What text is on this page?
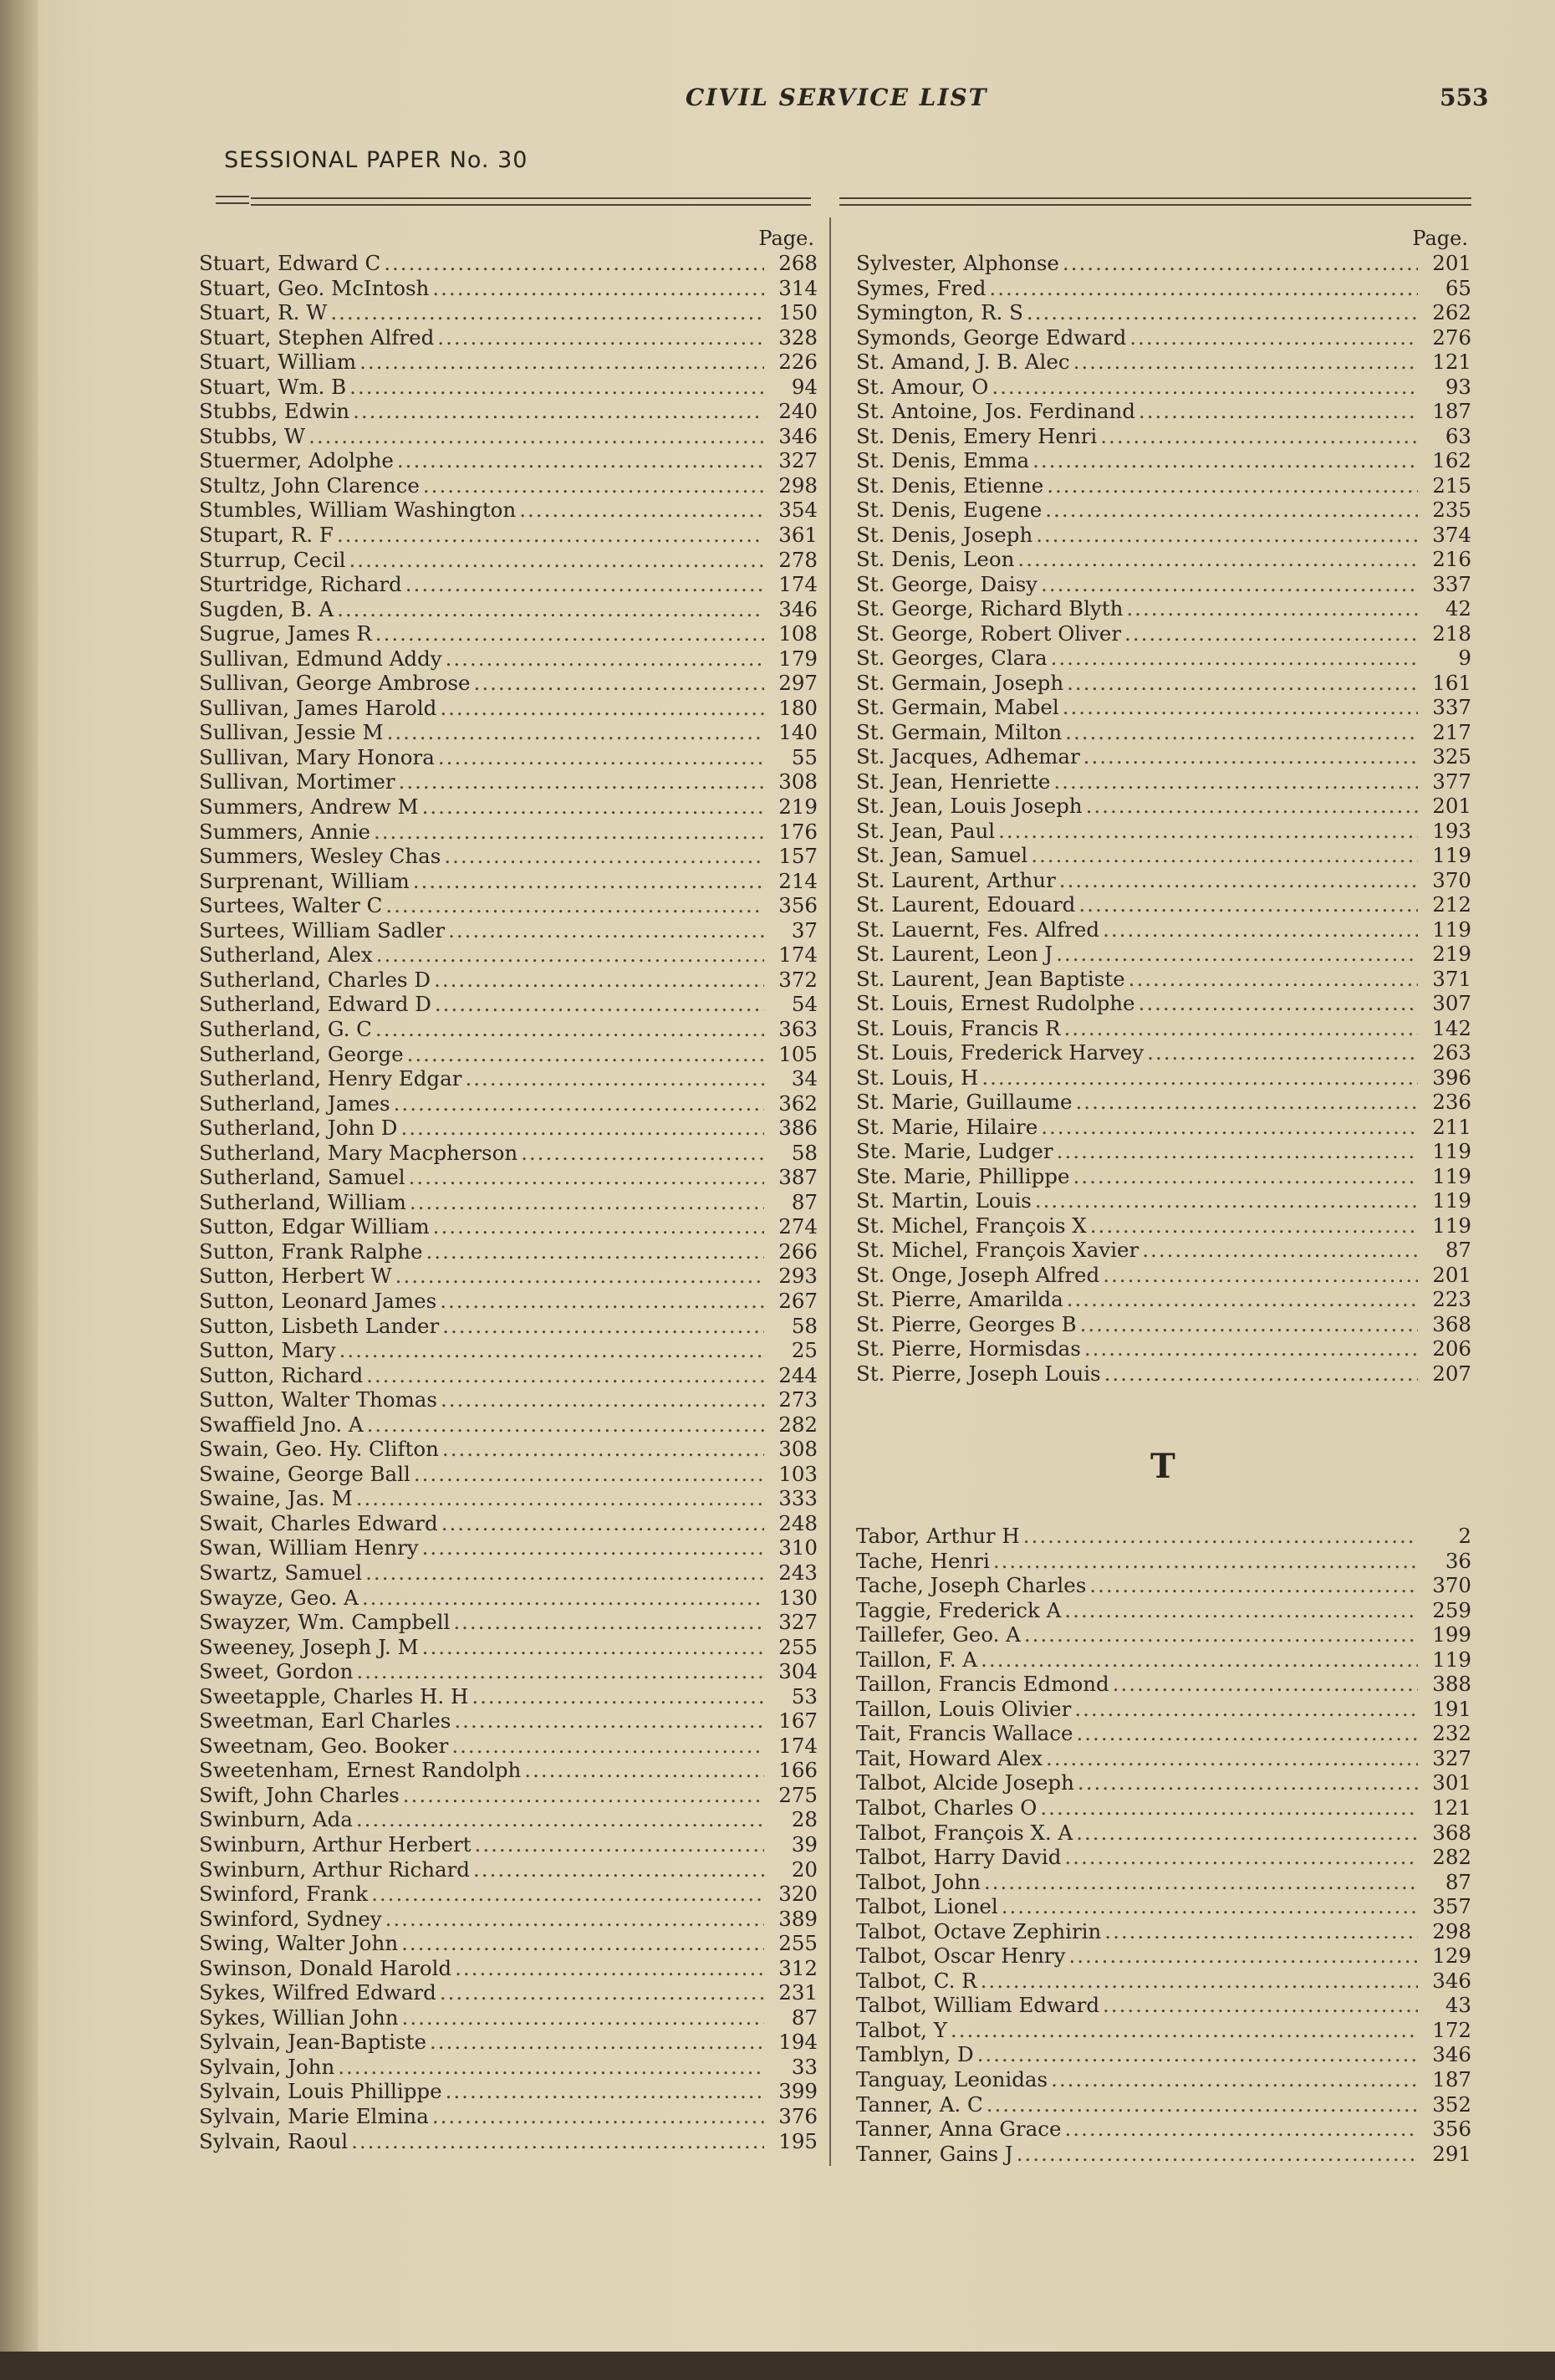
CIVIL SERVICE LIST	553
SESSIONAL PAPER No. 30
Page.
Stuart, Edward C .....	268
Stuart, Geo. McIntosh .....	314
Stuart, R. W .....	150
Stuart, Stephen Alfred .....	328
Stuart, William .....	226
Stuart, Wm. B .....	94
Stubbs, Edwin .....	240
Stubbs, W .....	346
Stuermer, Adolphe .....	327
Stultz, John Clarence .....	298
Stumbles, William Washington .....	354
Stupart, R. F .....	361
Sturrup, Cecil .....	278
Sturtridge, Richard .....	174
Sugden, B. A .....	346
Sugrue, James R .....	108
Sullivan, Edmund Addy .....	179
Sullivan, George Ambrose .....	297
Sullivan, James Harold .....	180
Sullivan, Jessie M .....	140
Sullivan, Mary Honora .....	55
Sullivan, Mortimer .....	308
Summers, Andrew M .....	219
Summers, Annie .....	176
Summers, Wesley Chas .....	157
Surprenant, William .....	214
Surtees, Walter C .....	356
Surtees, William Sadler .....	37
Sutherland, Alex .....	174
Sutherland, Charles D .....	372
Sutherland, Edward D .....	54
Sutherland, G. C .....	363
Sutherland, George .....	105
Sutherland, Henry Edgar .....	34
Sutherland, James .....	362
Sutherland, John D .....	386
Sutherland, Mary Macpherson .....	58
Sutherland, Samuel .....	387
Sutherland, William .....	87
Sutton, Edgar William .....	274
Sutton, Frank Ralphe .....	266
Sutton, Herbert W .....	293
Sutton, Leonard James .....	267
Sutton, Lisbeth Lander .....	58
Sutton, Mary .....	25
Sutton, Richard .....	244
Sutton, Walter Thomas .....	273
Swaffield Jno. A .....	282
Swain, Geo. Hy. Clifton .....	308
Swaine, George Ball .....	103
Swaine, Jas. M .....	333
Swait, Charles Edward .....	248
Swan, William Henry .....	310
Swartz, Samuel .....	243
Swayze, Geo. A .....	130
Swayzer, Wm. Campbell .....	327
Sweeney, Joseph J. M .....	255
Sweet, Gordon .....	304
Sweetapple, Charles H. H .....	53
Sweetman, Earl Charles .....	167
Sweetnam, Geo. Booker .....	174
Sweetenham, Ernest Randolph .....	166
Swift, John Charles .....	275
Swinburn, Ada .....	28
Swinburn, Arthur Herbert .....	39
Swinburn, Arthur Richard .....	20
Swinford, Frank .....	320
Swinford, Sydney .....	389
Swing, Walter John .....	255
Swinson, Donald Harold .....	312
Sykes, Wilfred Edward .....	231
Sykes, Willian John .....	87
Sylvain, Jean-Baptiste .....	194
Sylvain, John .....	33
Sylvain, Louis Phillippe .....	399
Sylvain, Marie Elmina .....	376
Sylvain, Raoul .....	195
Page.
Sylvester, Alphonse .....	201
Symes, Fred .....	65
Symington, R. S .....	262
Symonds, George Edward .....	276
St. Amand, J. B. Alec .....	121
St. Amour, O .....	93
St. Antoine, Jos. Ferdinand .....	187
St. Denis, Emery Henri .....	63
St. Denis, Emma .....	162
St. Denis, Etienne .....	215
St. Denis, Eugene .....	235
St. Denis, Joseph .....	374
St. Denis, Leon .....	216
St. George, Daisy .....	337
St. George, Richard Blyth .....	42
St. George, Robert Oliver .....	218
St. Georges, Clara .....	9
St. Germain, Joseph .....	161
St. Germain, Mabel .....	337
St. Germain, Milton .....	217
St. Jacques, Adhemar .....	325
St. Jean, Henriette .....	377
St. Jean, Louis Joseph .....	201
St. Jean, Paul .....	193
St. Jean, Samuel .....	119
St. Laurent, Arthur .....	370
St. Laurent, Edouard .....	212
St. Lauernt, Fes. Alfred .....	119
St. Laurent, Leon J .....	219
St. Laurent, Jean Baptiste .....	371
St. Louis, Ernest Rudolphe .....	307
St. Louis, Francis R .....	142
St. Louis, Frederick Harvey .....	263
St. Louis, H .....	396
St. Marie, Guillaume .....	236
St. Marie, Hilaire .....	211
Ste. Marie, Ludger .....	119
Ste. Marie, Phillippe .....	119
St. Martin, Louis .....	119
St. Michel, François X .....	119
St. Michel, François Xavier .....	87
St. Onge, Joseph Alfred .....	201
St. Pierre, Amarilda .....	223
St. Pierre, Georges B .....	368
St. Pierre, Hormisdas .....	206
St. Pierre, Joseph Louis .....	207
T
Tabor, Arthur H .....	2
Tache, Henri .....	36
Tache, Joseph Charles .....	370
Taggie, Frederick A .....	259
Taillefer, Geo. A .....	199
Taillon, F. A .....	119
Taillon, Francis Edmond .....	388
Taillon, Louis Olivier .....	191
Tait, Francis Wallace .....	232
Tait, Howard Alex .....	327
Talbot, Alcide Joseph .....	301
Talbot, Charles O .....	121
Talbot, François X. A .....	368
Talbot, Harry David .....	282
Talbot, John .....	87
Talbot, Lionel .....	357
Talbot, Octave Zephirin .....	298
Talbot, Oscar Henry .....	129
Talbot, C. R .....	346
Talbot, William Edward .....	43
Talbot, Y .....	172
Tamblyn, D .....	346
Tanguay, Leonidas .....	187
Tanner, A. C .....	352
Tanner, Anna Grace .....	356
Tanner, Gains J .....	291
